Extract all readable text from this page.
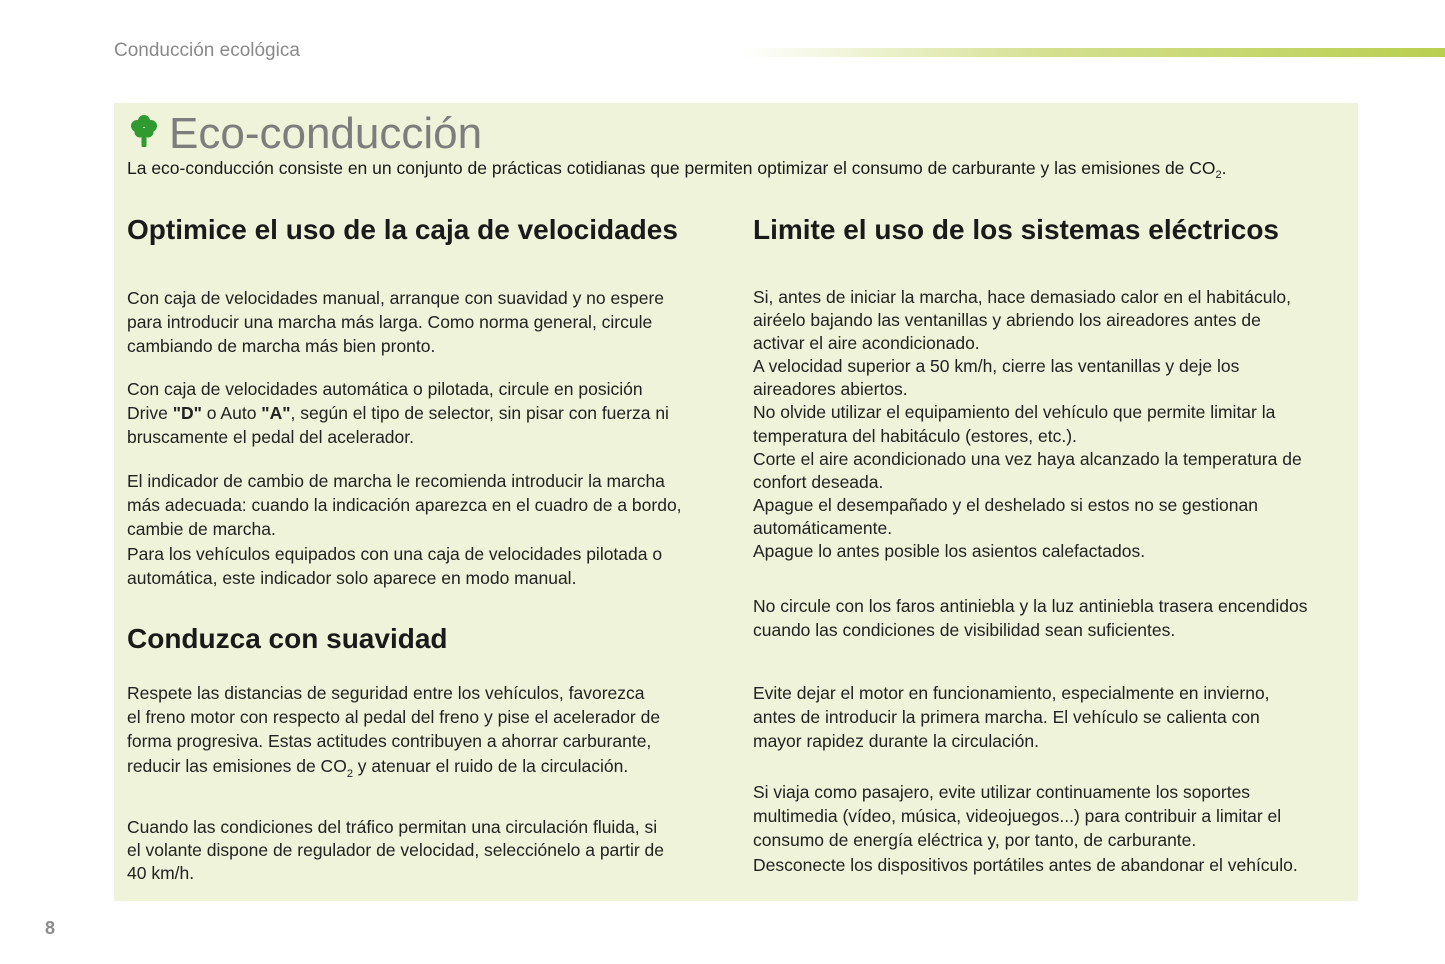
Conducción ecológica
Eco-conducción
La eco-conducción consiste en un conjunto de prácticas cotidianas que permiten optimizar el consumo de carburante y las emisiones de $CO_2$.
Optimice el uso de la caja de velocidades

Con caja de velocidades manual, arranque con suavidad y no espere
para introducir una marcha más larga. Como norma general, circule
cambiando de marcha más bien pronto.

Con caja de velocidades automática o pilotada, circule en posición
Drive "D" o Auto "A", según el tipo de selector, sin pisar con fuerza ni
bruscamente el pedal del acelerador.

El indicador de cambio de marcha le recomienda introducir la marcha
más adecuada: cuando la indicación aparezca en el cuadro de a bordo,
cambie de marcha.
Para los vehículos equipados con una caja de velocidades pilotada o
automática, este indicador solo aparece en modo manual.

Conduzca con suavidad

Respete las distancias de seguridad entre los vehículos, favorezca
el freno motor con respecto al pedal del freno y pise el acelerador de
forma progresiva. Estas actitudes contribuyen a ahorrar carburante,
reducir las emisiones de $CO_2$ y atenuar el ruido de la circulación.

Cuando las condiciones del tráfico permitan una circulación fluida, si
el volante dispone de regulador de velocidad, selecciónelo a partir de
40 km/h.

Limite el uso de los sistemas eléctricos

Si, antes de iniciar la marcha, hace demasiado calor en el habitáculo,
airéelo bajando las ventanillas y abriendo los aireadores antes de
activar el aire acondicionado.
A velocidad superior a 50 km/h, cierre las ventanillas y deje los
aireadores abiertos.
No olvide utilizar el equipamiento del vehículo que permite limitar la
temperatura del habitáculo (estores, etc.).
Corte el aire acondicionado una vez haya alcanzado la temperatura de
confort deseada.
Apague el desempañado y el deshelado si estos no se gestionan
automáticamente.
Apague lo antes posible los asientos calefactados.

No circule con los faros antiniebla y la luz antiniebla trasera encendidos
cuando las condiciones de visibilidad sean suficientes.

Evite dejar el motor en funcionamiento, especialmente en invierno,
antes de introducir la primera marcha. El vehículo se calienta con
mayor rapidez durante la circulación.

Si viaja como pasajero, evite utilizar continuamente los soportes
multimedia (vídeo, música, videojuegos...) para contribuir a limitar el
consumo de energía eléctrica y, por tanto, de carburante.
Desconecte los dispositivos portátiles antes de abandonar el vehículo.

8
